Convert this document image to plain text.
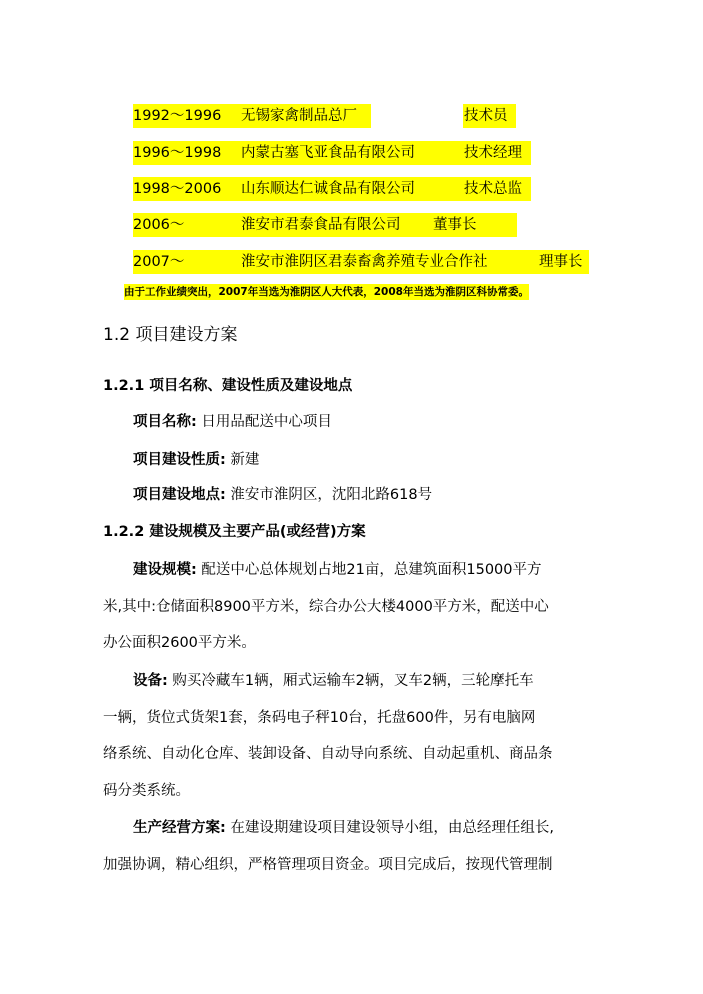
1992～1996 无锡家禽制品总厂	技术员
1996～1998 内蒙古塞飞亚食品有限公司	技术经理
1998～2006 山东顺达仁诚食品有限公司	技术总监
2006～	淮安市君泰食品有限公司 董事长
2007～	淮安市淮阴区君泰畜禽养殖专业合作社	理事长
由于工作业绩突出，2007年当选为淮阴区人大代表，2008年当选为淮阴区科协常委。
1.2 项目建设方案
1.2.1 项目名称、建设性质及建设地点
项目名称: 日用品配送中心项目
项目建设性质: 新建
项目建设地点: 淮安市淮阴区，沈阳北路618号
1.2.2 建设规模及主要产品(或经营)方案
建设规模: 配送中心总体规划占地21亩，总建筑面积15000平方
米,其中:仓储面积8900平方米，综合办公大楼4000平方米，配送中心
办公面积2600平方米。
设备: 购买冷藏车1辆，厢式运输车2辆，叉车2辆，三轮摩托车
一辆，货位式货架1套，条码电子秤10台，托盘600件，另有电脑网
络系统、自动化仓库、装卸设备、自动导向系统、自动起重机、商品条
码分类系统。
生产经营方案: 在建设期建设项目建设领导小组，由总经理任组长,
加强协调，精心组织，严格管理项目资金。项目完成后，按现代管理制
